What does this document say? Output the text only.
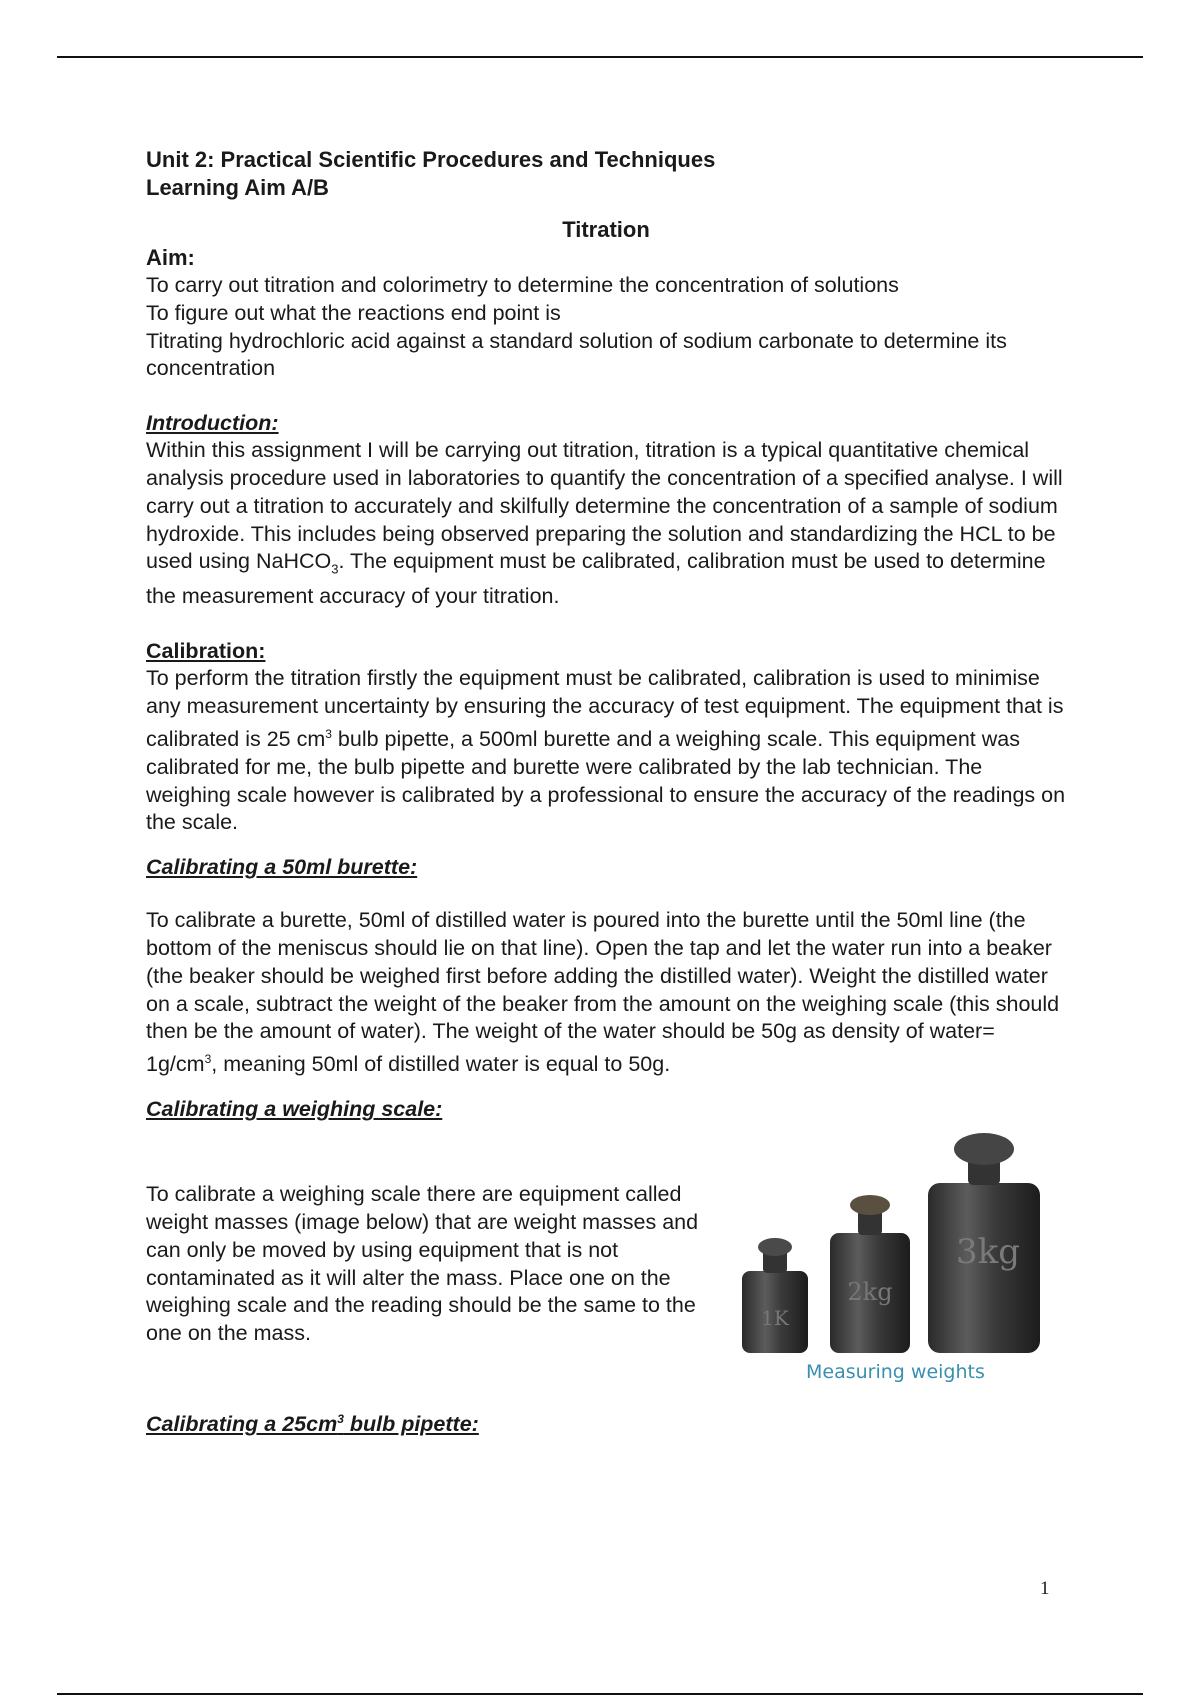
Unit 2: Practical Scientific Procedures and Techniques
Learning Aim A/B
Titration
Aim:

To carry out titration and colorimetry to determine the concentration of solutions

To figure out what the reactions end point is

Titrating hydrochloric acid against a standard solution of sodium carbonate to determine its concentration

Introduction:

Within this assignment I will be carrying out titration, titration is a typical quantitative chemical analysis procedure used in laboratories to quantify the concentration of a specified analyse. I will carry out a titration to accurately and skilfully determine the concentration of a sample of sodium hydroxide. This includes being observed preparing the solution and standardizing the HCL to be used using NaHCO$_3$. The equipment must be calibrated, calibration must be used to determine the measurement accuracy of your titration.

Calibration:

To perform the titration firstly the equipment must be calibrated, calibration is used to minimise any measurement uncertainty by ensuring the accuracy of test equipment. The equipment that is calibrated is 25 $cm^3$ bulb pipette, a 500ml burette and a weighing scale. This equipment was calibrated for me, the bulb pipette and burette were calibrated by the lab technician. The weighing scale however is calibrated by a professional to ensure the accuracy of the readings on the scale.

Calibrating a 50ml burette:

To calibrate a burette, 50ml of distilled water is poured into the burette until the 50ml line (the bottom of the meniscus should lie on that line). Open the tap and let the water run into a beaker (the beaker should be weighed first before adding the distilled water). Weight the distilled water on a scale, subtract the weight of the beaker from the amount on the weighing scale (this should then be the amount of water). The weight of the water should be 50g as density of water= $1g/cm^3$, meaning 50ml of distilled water is equal to 50g.

Calibrating a weighing scale:

To calibrate a weighing scale there are equipment called weight masses (image below) that are weight masses and can only be moved by using equipment that is not contaminated as it will alter the mass. Place one on the weighing scale and the reading should be the same to the one on the mass.

1K
2kg
3kg
Measuring weights
Calibrating a $25cm^3$ bulb pipette:
1
